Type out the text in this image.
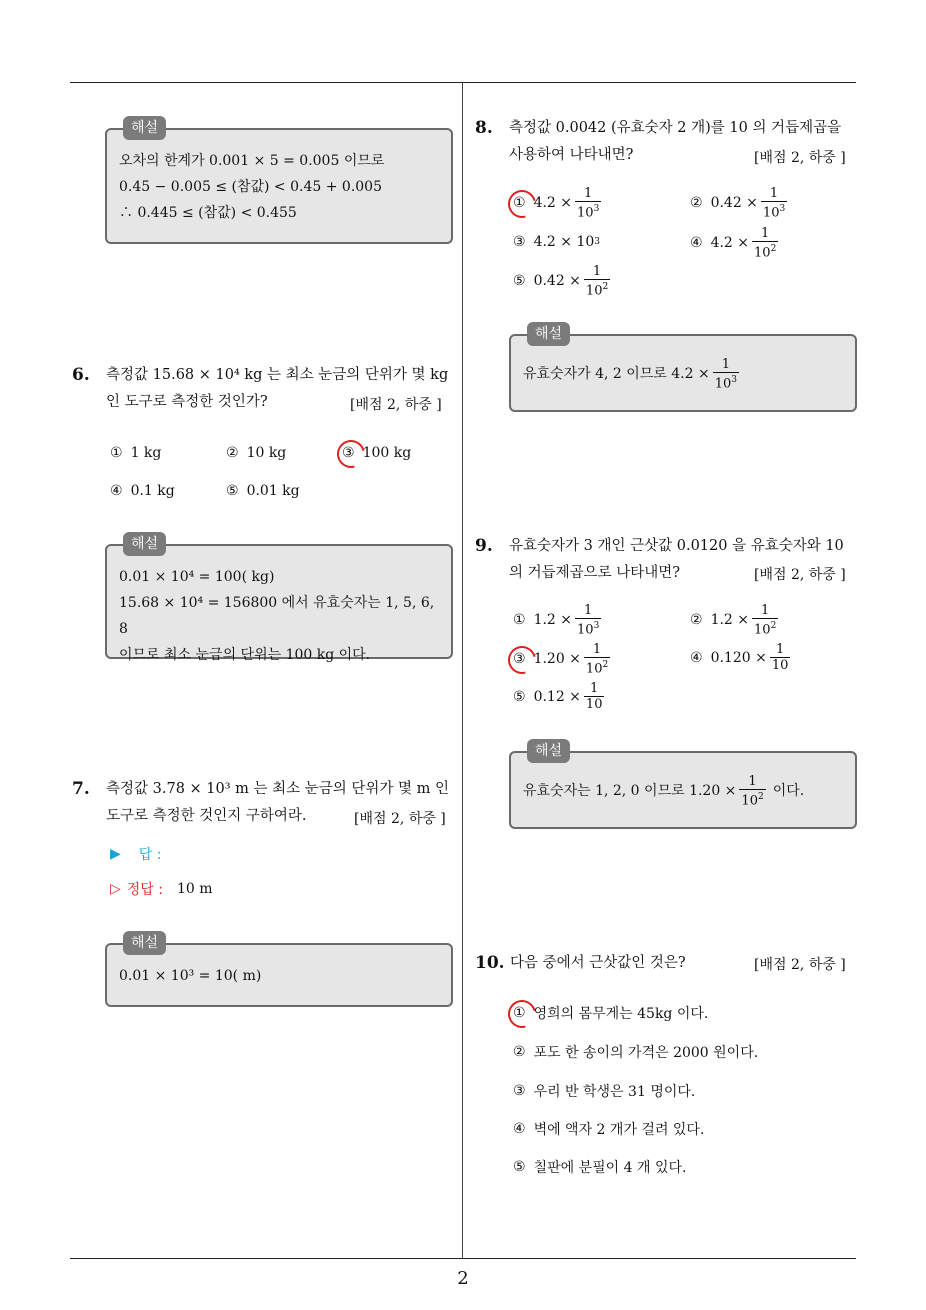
2
해설
오차의 한계가 0.001 × 5 = 0.005 이므로
0.45 − 0.005 ≤ (참값) < 0.45 + 0.005
∴ 0.445 ≤ (참값) < 0.455
6. 측정값 15.68 × 10⁴ kg 는 최소 눈금의 단위가 몇 kg
인 도구로 측정한 것인가?	[배점 2, 하중 ]
① 1 kg	② 10 kg	③ 100 kg
④ 0.1 kg	⑤ 0.01 kg
해설
0.01 × 10⁴ = 100( kg)
15.68 × 10⁴ = 156800 에서 유효숫자는 1, 5, 6, 8
이므로 최소 눈금의 단위는 100 kg 이다.
7. 측정값 3.78 × 10³ m 는 최소 눈금의 단위가 몇 m 인
도구로 측정한 것인지 구하여라.	[배점 2, 하중 ]
▶ 답 :
▷ 정답 : 10 m
해설
0.01 × 10³ = 10( m)
8. 측정값 0.0042 (유효숫자 2 개)를 10 의 거듭제곱을
사용하여 나타내면?	[배점 2, 하중 ]
① $4.2 \times \frac{1}{10^3}$	② $0.42 \times \frac{1}{10^3}$
③ 4.2 × 10 3	④ $4.2 \times \frac{1}{10^2}$
⑤ $0.42 \times \frac{1}{10^2}$
해설
유효숫자가 4, 2 이므로 $4.2 \times \frac{1}{10^3}$
9. 유효숫자가 3 개인 근삿값 0.0120 을 유효숫자와 10
의 거듭제곱으로 나타내면?	[배점 2, 하중 ]
① $1.2 \times \frac{1}{10^3}$	② $1.2 \times \frac{1}{10^2}$
③ $1.20 \times \frac{1}{10^2}$	④ $0.120 \times \frac{1}{10}$
⑤ $0.12 \times \frac{1}{10}$
해설
유효숫자는 1, 2, 0 이므로 $1.20 \times \frac{1}{10^2}$ 이다.
10. 다음 중에서 근삿값인 것은?	[배점 2, 하중 ]
① 영희의 몸무게는 45kg 이다.
② 포도 한 송이의 가격은 2000 원이다.
③ 우리 반 학생은 31 명이다.
④ 벽에 액자 2 개가 걸려 있다.
⑤ 칠판에 분필이 4 개 있다.
